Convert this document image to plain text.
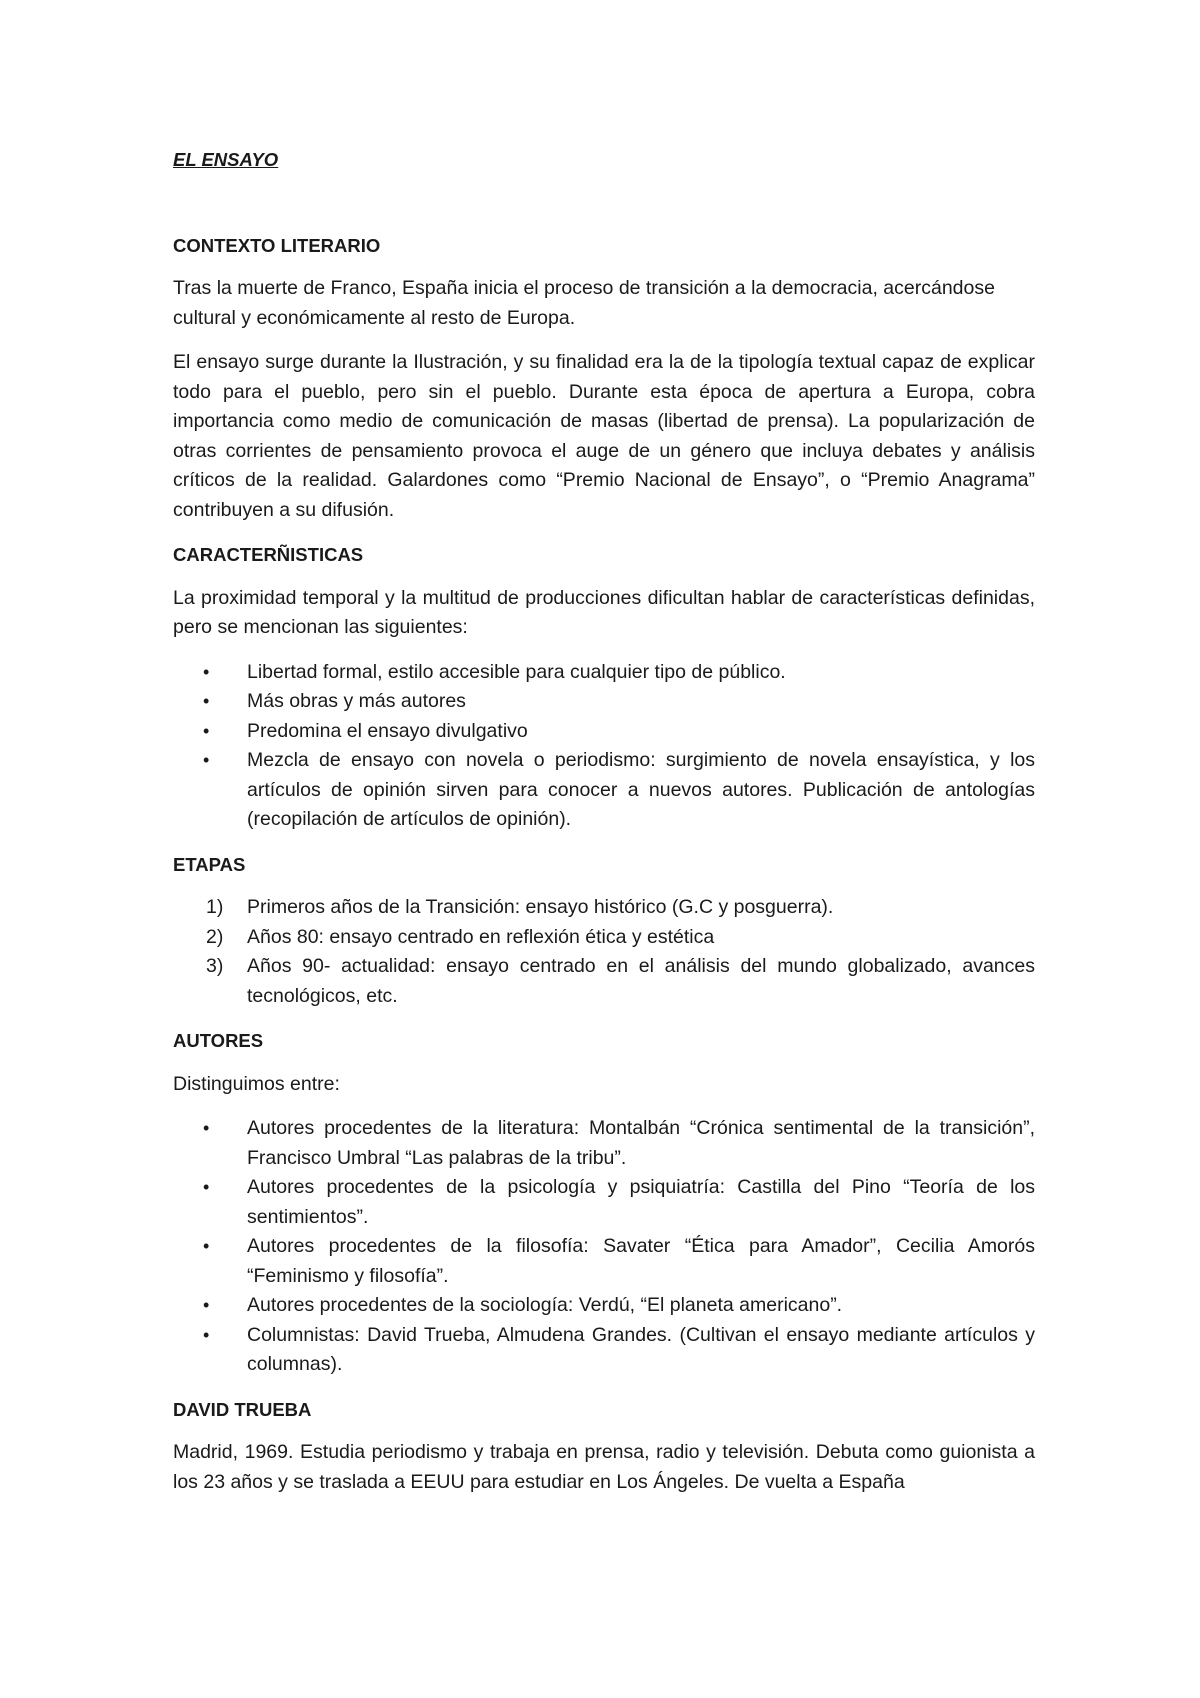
EL ENSAYO
CONTEXTO LITERARIO

Tras la muerte de Franco, España inicia el proceso de transición a la democracia, acercándose cultural y económicamente al resto de Europa.

El ensayo surge durante la Ilustración, y su finalidad era la de la tipología textual capaz de explicar todo para el pueblo, pero sin el pueblo. Durante esta época de apertura a Europa, cobra importancia como medio de comunicación de masas (libertad de prensa). La popularización de otras corrientes de pensamiento provoca el auge de un género que incluya debates y análisis críticos de la realidad. Galardones como “Premio Nacional de Ensayo”, o “Premio Anagrama” contribuyen a su difusión.

CARACTERÑISTICAS

La proximidad temporal y la multitud de producciones dificultan hablar de características definidas, pero se mencionan las siguientes:

• Libertad formal, estilo accesible para cualquier tipo de público.
• Más obras y más autores
• Predomina el ensayo divulgativo
• Mezcla de ensayo con novela o periodismo: surgimiento de novela ensayística, y los artículos de opinión sirven para conocer a nuevos autores. Publicación de antologías (recopilación de artículos de opinión).
ETAPAS
1) Primeros años de la Transición: ensayo histórico (G.C y posguerra).
2) Años 80: ensayo centrado en reflexión ética y estética
3) Años 90- actualidad: ensayo centrado en el análisis del mundo globalizado, avances tecnológicos, etc.
AUTORES

Distinguimos entre:

• Autores procedentes de la literatura: Montalbán “Crónica sentimental de la transición”, Francisco Umbral “Las palabras de la tribu”.
• Autores procedentes de la psicología y psiquiatría: Castilla del Pino “Teoría de los sentimientos”.
• Autores procedentes de la filosofía: Savater “Ética para Amador”, Cecilia Amorós “Feminismo y filosofía”.
• Autores procedentes de la sociología: Verdú, “El planeta americano”.
• Columnistas: David Trueba, Almudena Grandes. (Cultivan el ensayo mediante artículos y columnas).
DAVID TRUEBA

Madrid, 1969. Estudia periodismo y trabaja en prensa, radio y televisión. Debuta como guionista a los 23 años y se traslada a EEUU para estudiar en Los Ángeles. De vuelta a España
